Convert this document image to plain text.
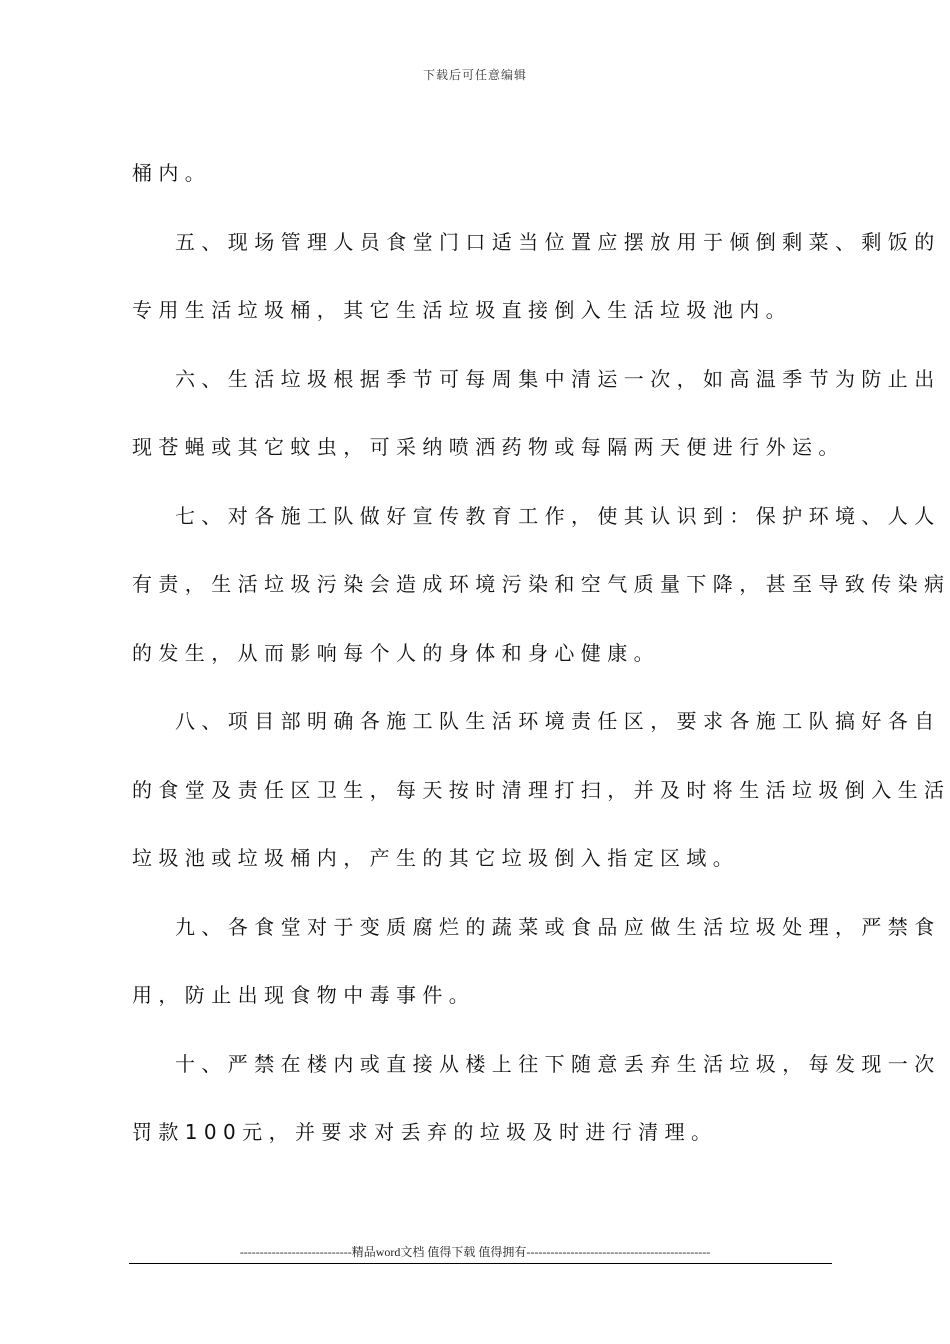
下载后可任意编辑
桶内。
五、现场管理人员食堂门口适当位置应摆放用于倾倒剩菜、剩饭的
专用生活垃圾桶，其它生活垃圾直接倒入生活垃圾池内。
六、生活垃圾根据季节可每周集中清运一次，如高温季节为防止出
现苍蝇或其它蚊虫，可采纳喷洒药物或每隔两天便进行外运。
七、对各施工队做好宣传教育工作，使其认识到：保护环境、人人
有责，生活垃圾污染会造成环境污染和空气质量下降，甚至导致传染病
的发生，从而影响每个人的身体和身心健康。
八、项目部明确各施工队生活环境责任区，要求各施工队搞好各自
的食堂及责任区卫生，每天按时清理打扫，并及时将生活垃圾倒入生活
垃圾池或垃圾桶内，产生的其它垃圾倒入指定区域。
九、各食堂对于变质腐烂的蔬菜或食品应做生活垃圾处理，严禁食
用，防止出现食物中毒事件。
十、严禁在楼内或直接从楼上往下随意丢弃生活垃圾，每发现一次
罚款100元，并要求对丢弃的垃圾及时进行清理。
----------------------------精品word文档 值得下载 值得拥有----------------------------------------------
